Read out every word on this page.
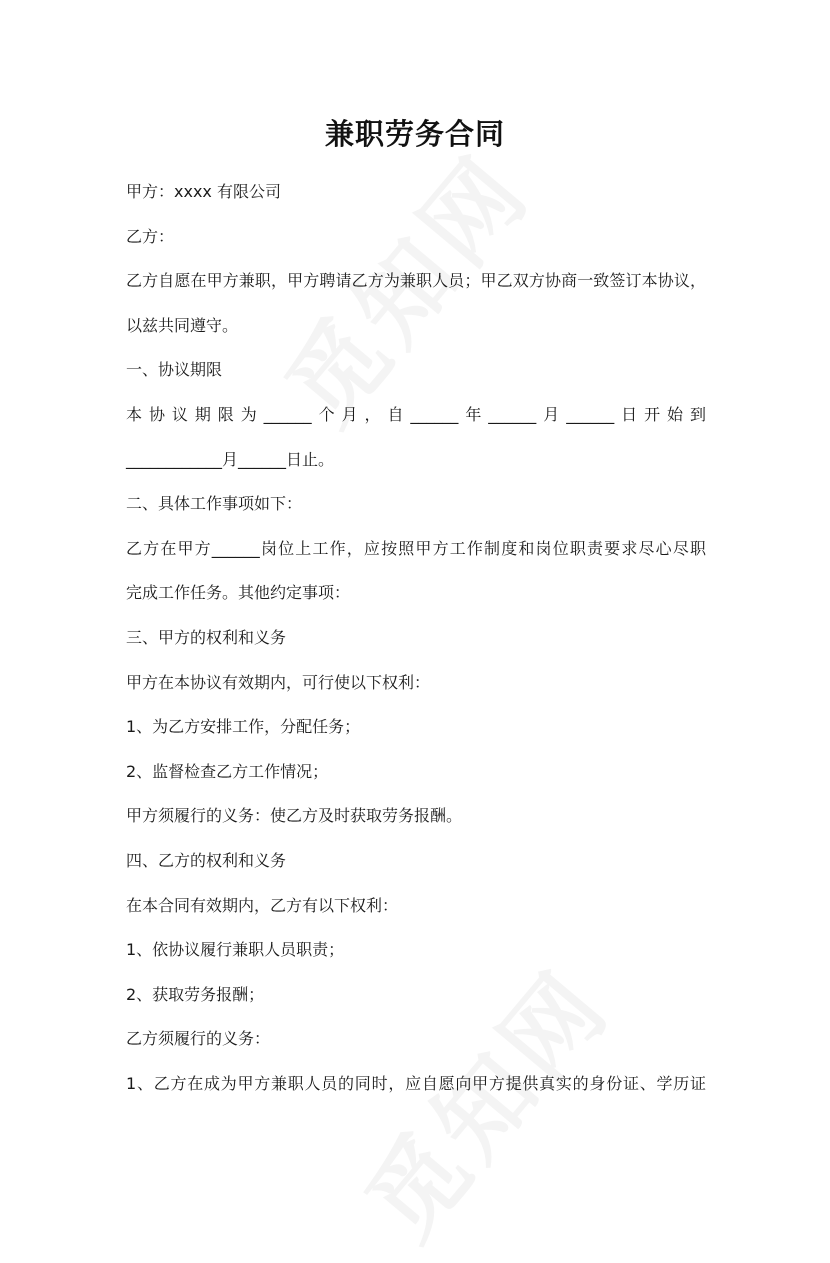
兼职劳务合同

甲方：xxxx 有限公司

乙方：

乙方自愿在甲方兼职，甲方聘请乙方为兼职人员；甲乙双方协商一致签订本协议，

以兹共同遵守。

一、协议期限

本协议期限为______个月，自______年______月______日开始到

____________月______日止。

二、具体工作事项如下：

乙方在甲方______岗位上工作，应按照甲方工作制度和岗位职责要求尽心尽职

完成工作任务。其他约定事项：

三、甲方的权利和义务

甲方在本协议有效期内，可行使以下权利：

1、为乙方安排工作，分配任务；

2、监督检查乙方工作情况；

甲方须履行的义务：使乙方及时获取劳务报酬。

四、乙方的权利和义务

在本合同有效期内，乙方有以下权利：

1、依协议履行兼职人员职责；

2、获取劳务报酬；

乙方须履行的义务：

1、乙方在成为甲方兼职人员的同时，应自愿向甲方提供真实的身份证、学历证
